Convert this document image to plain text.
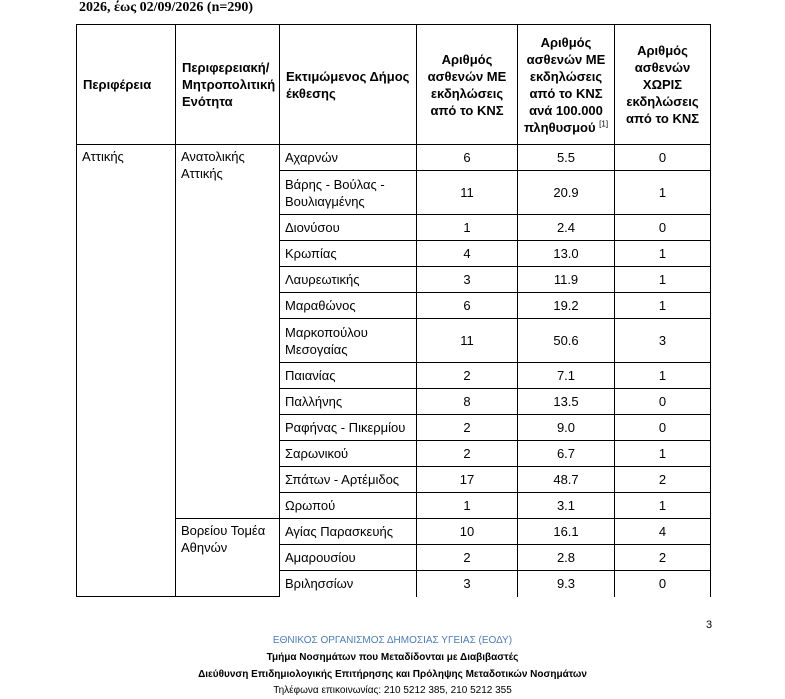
2026, έως 02/09/2026 (n=290)

Περιφέρεια	Περιφερειακή/ Μητροπολιτική Ενότητα	Εκτιμώμενος Δήμος έκθεσης	Αριθμός ασθενών ΜΕ εκδηλώσεις από το ΚΝΣ	Αριθμός ασθενών ΜΕ εκδηλώσεις από το ΚΝΣ ανά 100.000 πληθυσμού [1]	Αριθμός ασθενών ΧΩΡΙΣ εκδηλώσεις από το ΚΝΣ
Αττικής	Ανατολικής Αττικής	Αχαρνών	6	5.5	0
		Βάρης - Βούλας - Βουλιαγμένης	11	20.9	1
		Διονύσου	1	2.4	0
		Κρωπίας	4	13.0	1
		Λαυρεωτικής	3	11.9	1
		Μαραθώνος	6	19.2	1
		Μαρκοπούλου Μεσογαίας	11	50.6	3
		Παιανίας	2	7.1	1
		Παλλήνης	8	13.5	0
		Ραφήνας - Πικερμίου	2	9.0	0
		Σαρωνικού	2	6.7	1
		Σπάτων - Αρτέμιδος	17	48.7	2
		Ωρωπού	1	3.1	1
	Βορείου Τομέα Αθηνών	Αγίας Παρασκευής	10	16.1	4
		Αμαρουσίου	2	2.8	2
		Βριλησσίων	3	9.3	0

3

ΕΘΝΙΚΟΣ ΟΡΓΑΝΙΣΜΟΣ ΔΗΜΟΣΙΑΣ ΥΓΕΙΑΣ (ΕΟΔΥ)

Τμήμα Νοσημάτων που Μεταδίδονται με Διαβιβαστές

Διεύθυνση Επιδημιολογικής Επιτήρησης και Πρόληψης Μεταδοτικών Νοσημάτων

Τηλέφωνα επικοινωνίας: 210 5212 385, 210 5212 355
